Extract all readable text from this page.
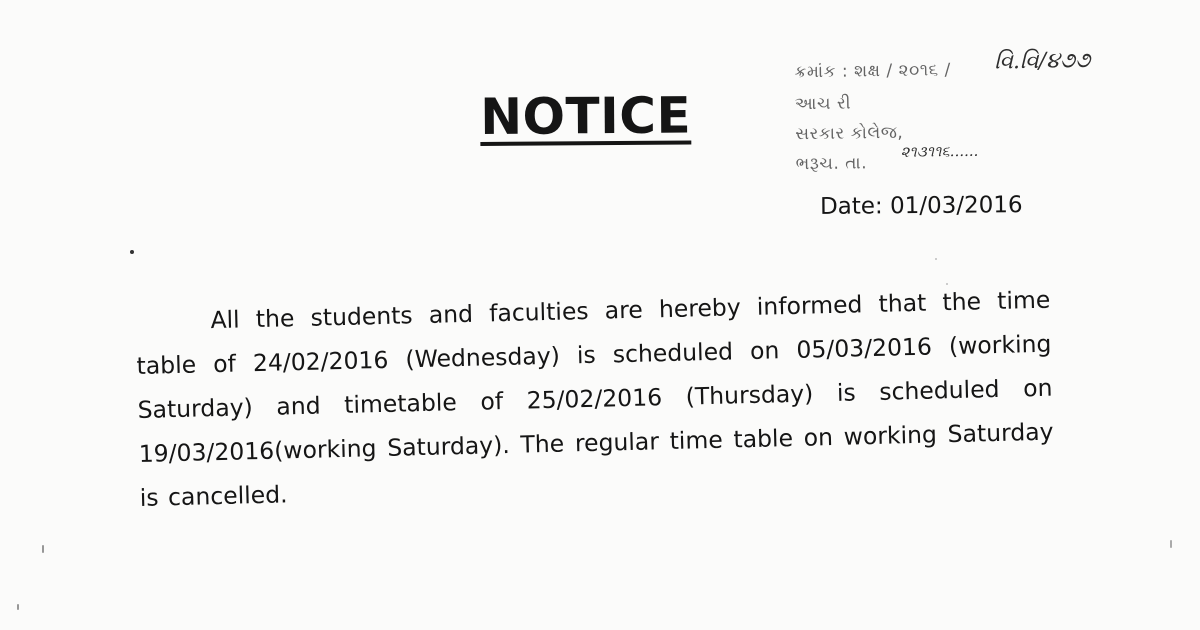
NOTICE
ક્રમાંક : શક્ષ / ૨૦૧૬ /
આચ રી
સરકાર કોલેજ,
ભરૂચ. તા.
વિ.વિ/૪૭૭
૨૧૩૧૧૬......
Date: 01/03/2016
All the students and faculties are hereby informed that the time table of 24/02/2016 (Wednesday) is scheduled on 05/03/2016 (working Saturday) and timetable of 25/02/2016 (Thursday) is scheduled on 19/03/2016(working Saturday). The regular time table on working Saturday is cancelled.
